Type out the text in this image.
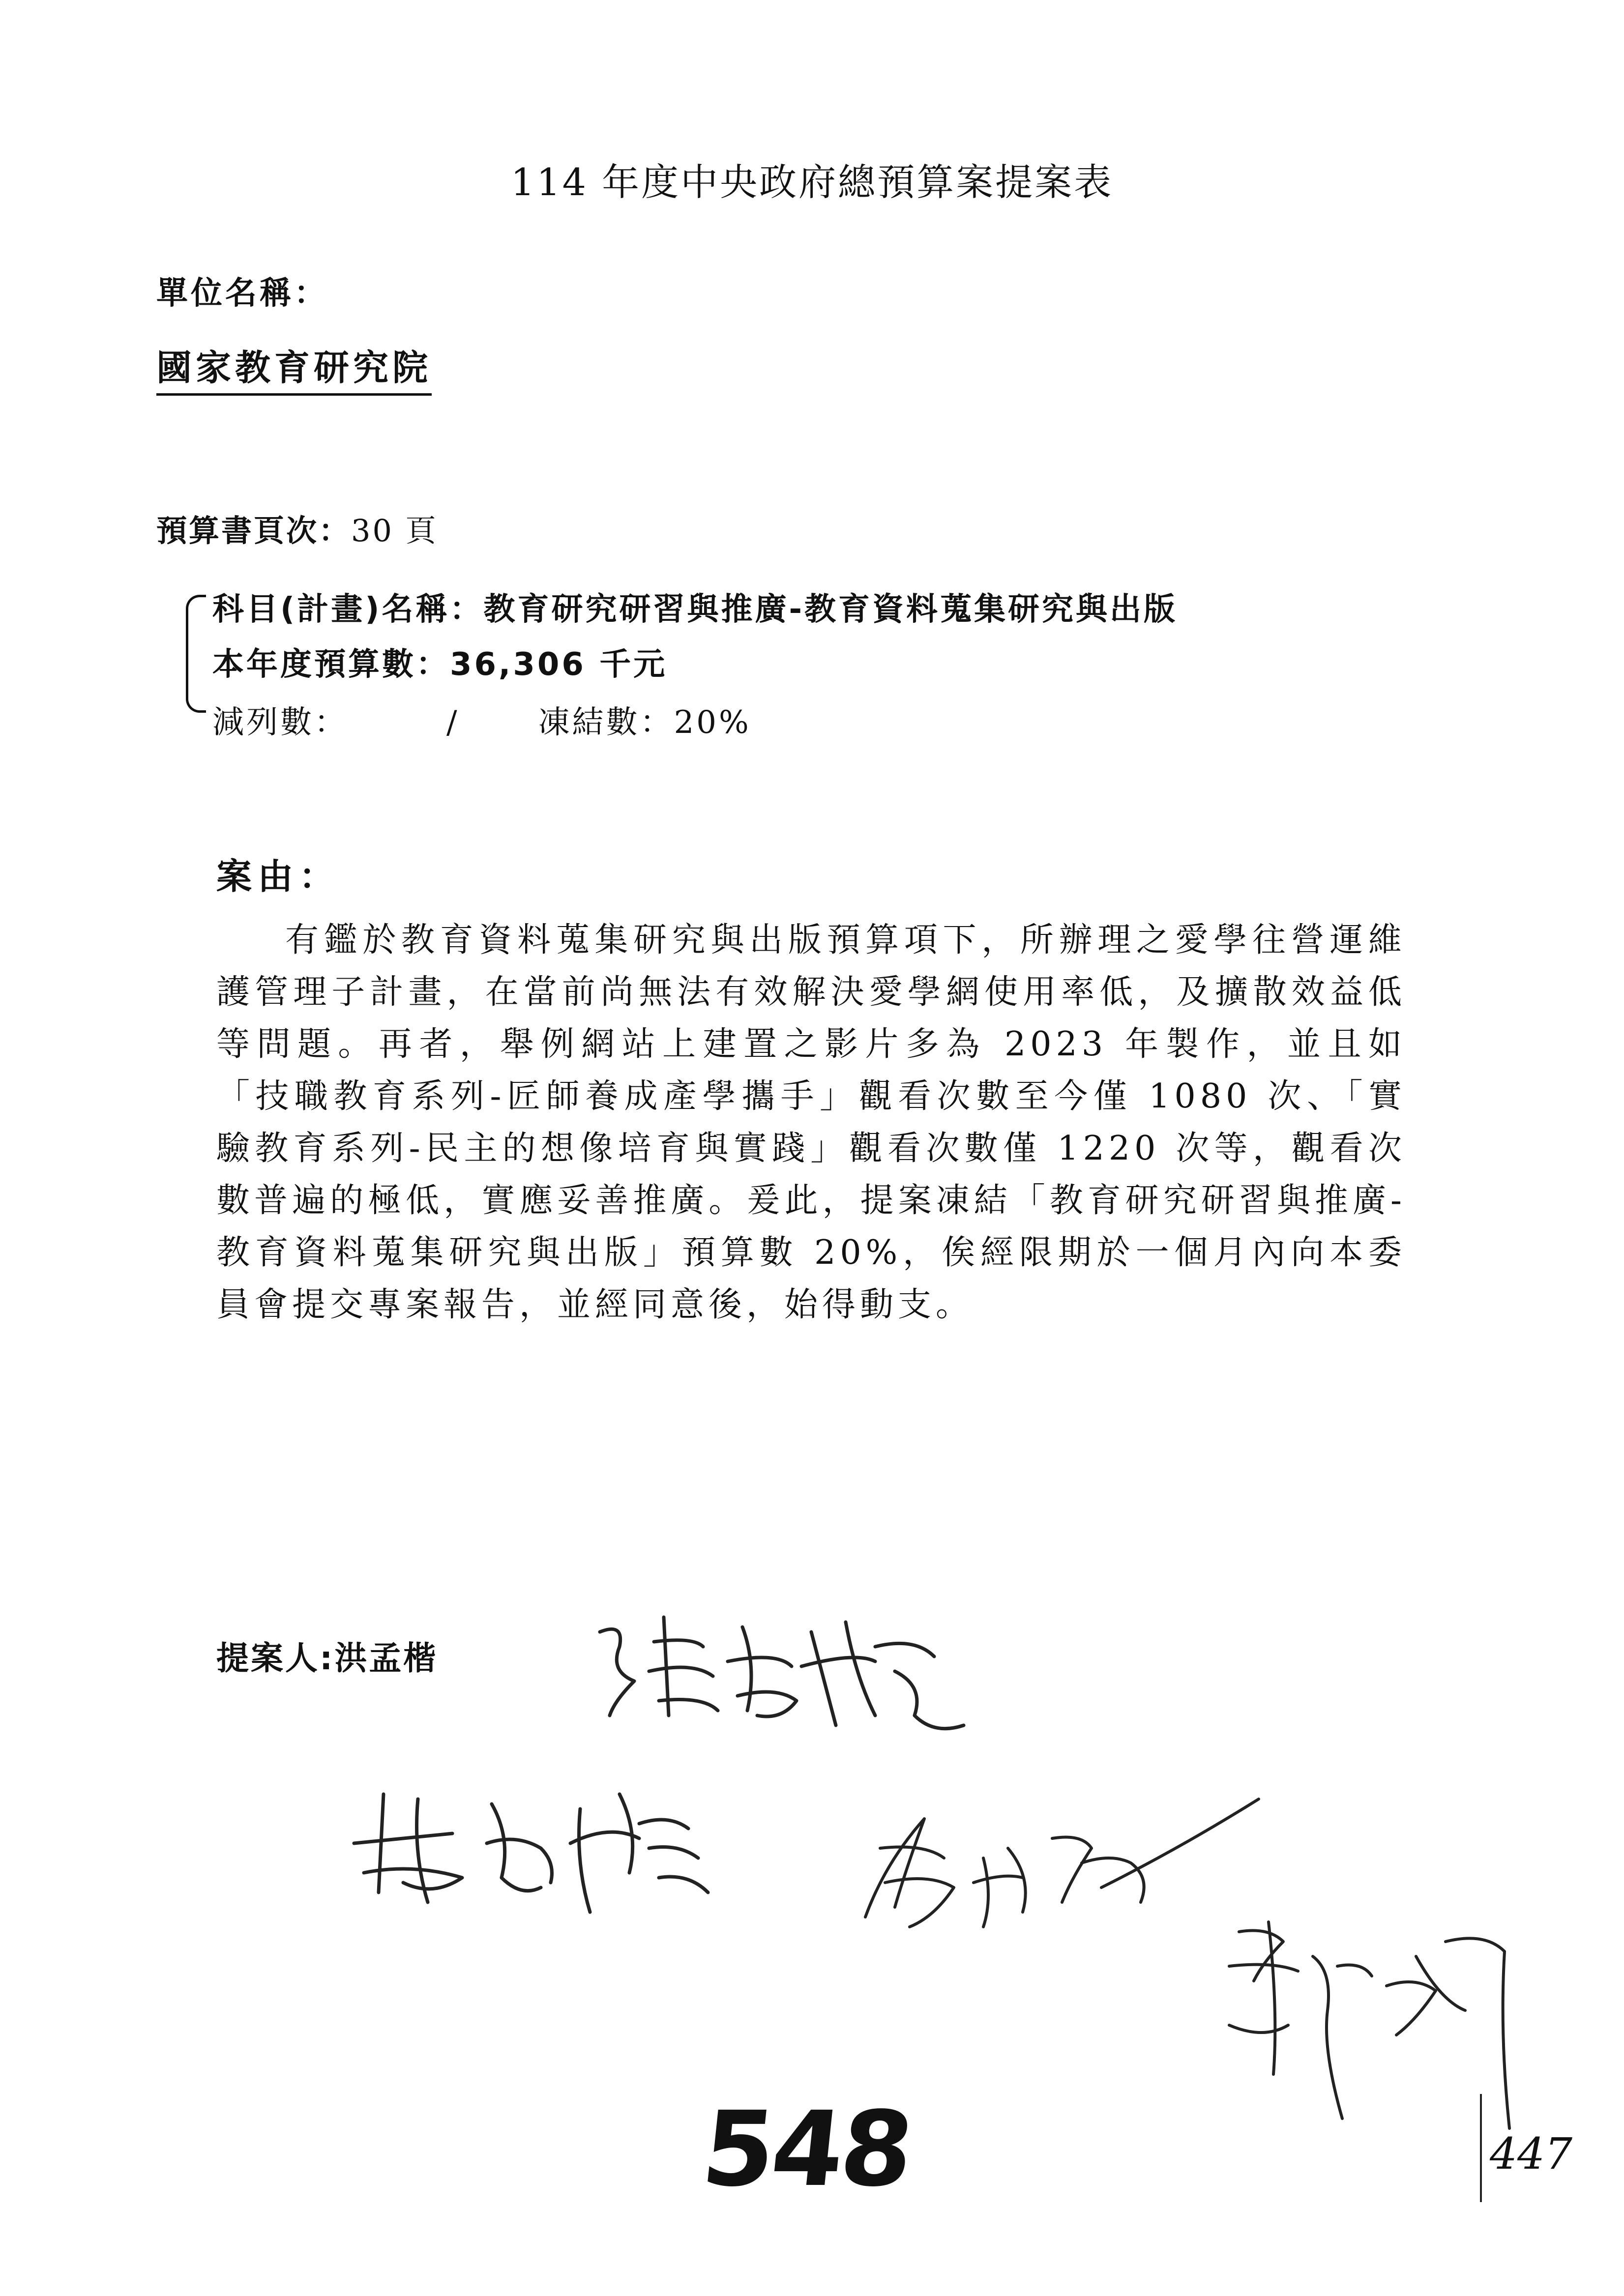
114 年度中央政府總預算案提案表
單位名稱：
國家教育研究院
預算書頁次：30 頁
科目(計畫)名稱：教育研究研習與推廣-教育資料蒐集研究與出版
本年度預算數：36,306 千元
減列數：	/	凍結數：20%
案由：
有鑑於教育資料蒐集研究與出版預算項下，所辦理之愛學往營運維護管理子計畫，在當前尚無法有效解決愛學網使用率低，及擴散效益低等問題。再者，舉例網站上建置之影片多為 2023 年製作，並且如「技職教育系列-匠師養成產學攜手」觀看次數至今僅 1080 次、「實驗教育系列-民主的想像培育與實踐」觀看次數僅 1220 次等，觀看次數普遍的極低，實應妥善推廣。爰此，提案凍結「教育研究研習與推廣-教育資料蒐集研究與出版」預算數 20%，俟經限期於一個月內向本委員會提交專案報告，並經同意後，始得動支。
提案人:洪孟楷
548	447
